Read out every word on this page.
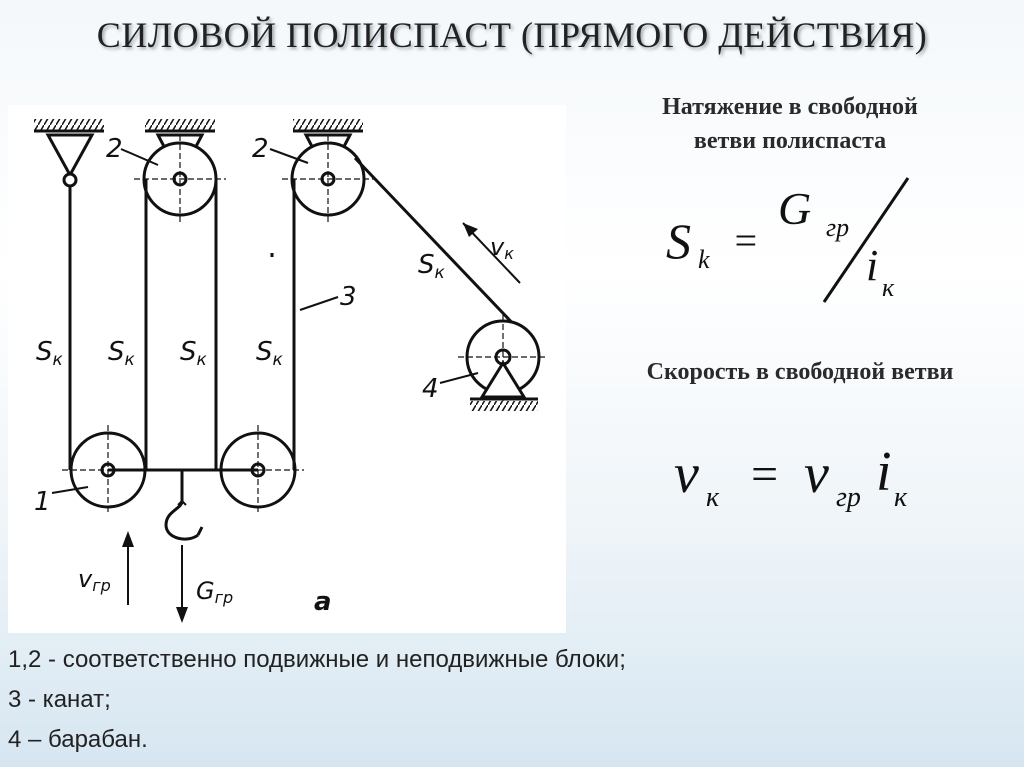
СИЛОВОЙ ПОЛИСПАСТ (ПРЯМОГО ДЕЙСТВИЯ)
2	2
3
1
4
a
Sк Sк Sк Sк
Sк
vк
vгр	Gгр
Натяжение в свободной
ветви полиспаста
S k =
G гр
i к
Скорость в свободной ветви
v к = v гр i к
1,2 - соответственно подвижные и неподвижные блоки;
3 - канат;
4 – барабан.
